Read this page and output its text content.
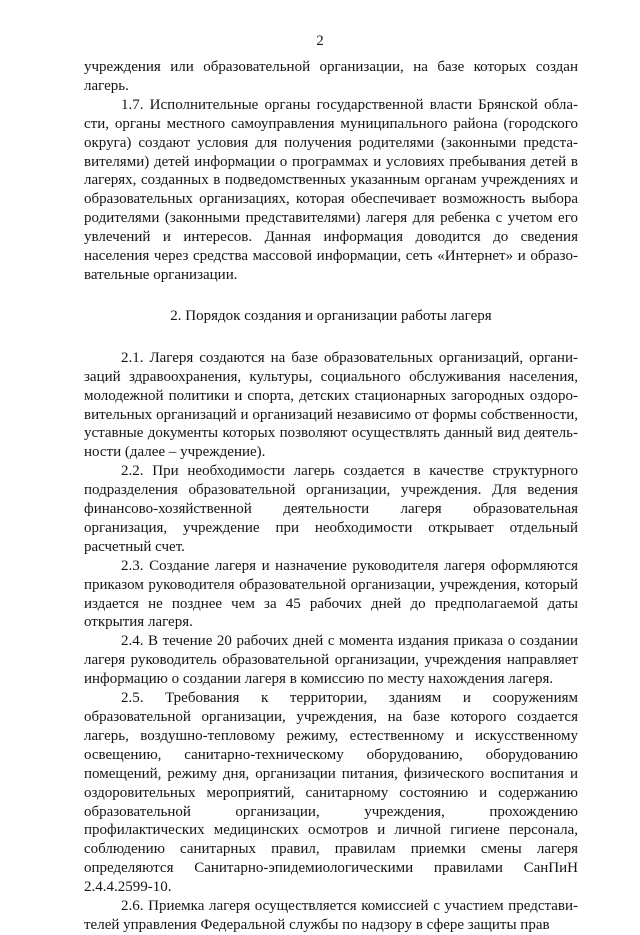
2

учреждения или образовательной организации, на базе которых создан лагерь.

1.7. Исполнительные органы государственной власти Брянской области, органы местного самоуправления муниципального района (городского округа) создают условия для получения родителями (законными представителями) детей информации о программах и условиях пребывания детей в лагерях, созданных в подведомственных указанным органам учреждениях и образовательных организациях, которая обеспечивает возможность выбора родителями (законными представителями) лагеря для ребенка с учетом его увлечений и интересов. Данная информация доводится до сведения населения через средства массовой информации, сеть «Интернет» и образовательные организации.

2. Порядок создания и организации работы лагеря

2.1. Лагеря создаются на базе образовательных организаций, организаций здравоохранения, культуры, социального обслуживания населения, молодежной политики и спорта, детских стационарных загородных оздоровительных организаций и организаций независимо от формы собственности, уставные документы которых позволяют осуществлять данный вид деятельности (далее – учреждение).

2.2. При необходимости лагерь создается в качестве структурного подразделения образовательной организации, учреждения. Для ведения финансово-хозяйственной деятельности лагеря образовательная организация, учреждение при необходимости открывает отдельный расчетный счет.

2.3. Создание лагеря и назначение руководителя лагеря оформляются приказом руководителя образовательной организации, учреждения, который издается не позднее чем за 45 рабочих дней до предполагаемой даты открытия лагеря.

2.4. В течение 20 рабочих дней с момента издания приказа о создании лагеря руководитель образовательной организации, учреждения направляет информацию о создании лагеря в комиссию по месту нахождения лагеря.

2.5. Требования к территории, зданиям и сооружениям образовательной организации, учреждения, на базе которого создается лагерь, воздушно-тепловому режиму, естественному и искусственному освещению, санитарно-техническому оборудованию, оборудованию помещений, режиму дня, организации питания, физического воспитания и оздоровительных мероприятий, санитарному состоянию и содержанию образовательной организации, учреждения, прохождению профилактических медицинских осмотров и личной гигиене персонала, соблюдению санитарных правил, правилам приемки смены лагеря определяются Санитарно-эпидемиологическими правилами СанПиН 2.4.4.2599-10.

2.6. Приемка лагеря осуществляется комиссией с участием представителей управления Федеральной службы по надзору в сфере защиты прав
